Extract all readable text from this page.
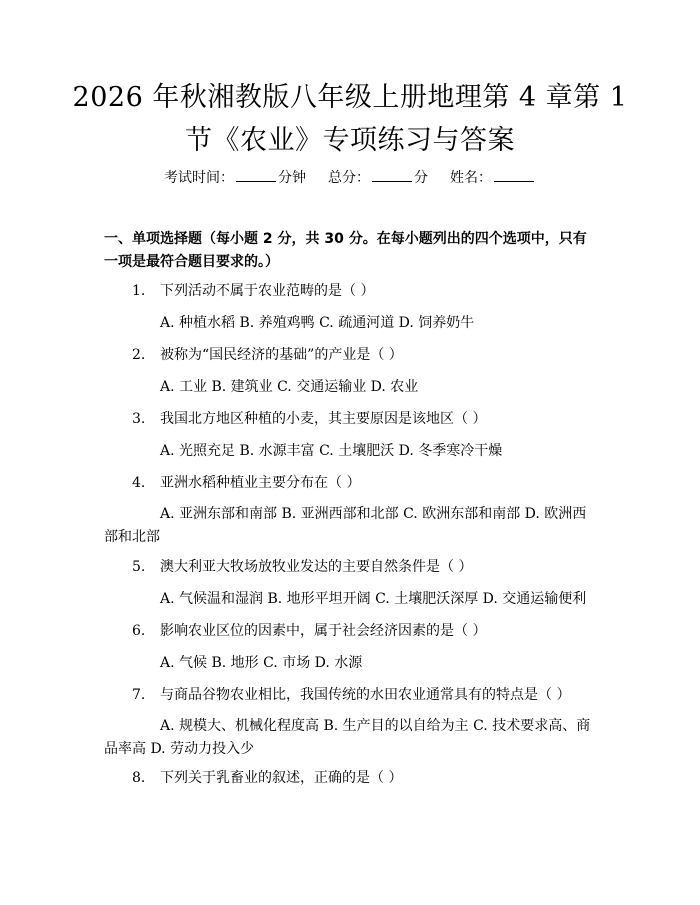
2026 年秋湘教版八年级上册地理第 4 章第 1
节《农业》专项练习与答案
考试时间：	分钟 总分：	分 姓名：
一、单项选择题（每小题 2 分，共 30 分。在每小题列出的四个选项中，只有一项是最符合题目要求的。）
1.	下列活动不属于农业范畴的是（ ）
A. 种植水稻 B. 养殖鸡鸭 C. 疏通河道 D. 饲养奶牛
2.	被称为“国民经济的基础”的产业是（ ）
A. 工业 B. 建筑业 C. 交通运输业 D. 农业
3.	我国北方地区种植的小麦，其主要原因是该地区（ ）
A. 光照充足 B. 水源丰富 C. 土壤肥沃 D. 冬季寒冷干燥
4.	亚洲水稻种植业主要分布在（ ）
A. 亚洲东部和南部 B. 亚洲西部和北部 C. 欧洲东部和南部 D. 欧洲西部和北部
5.	澳大利亚大牧场放牧业发达的主要自然条件是（ ）
A. 气候温和湿润 B. 地形平坦开阔 C. 土壤肥沃深厚 D. 交通运输便利
6.	影响农业区位的因素中，属于社会经济因素的是（ ）
A. 气候 B. 地形 C. 市场 D. 水源
7.	与商品谷物农业相比，我国传统的水田农业通常具有的特点是（ ）
A. 规模大、机械化程度高 B. 生产目的以自给为主 C. 技术要求高、商品率高 D. 劳动力投入少
8.	下列关于乳畜业的叙述，正确的是（ ）
